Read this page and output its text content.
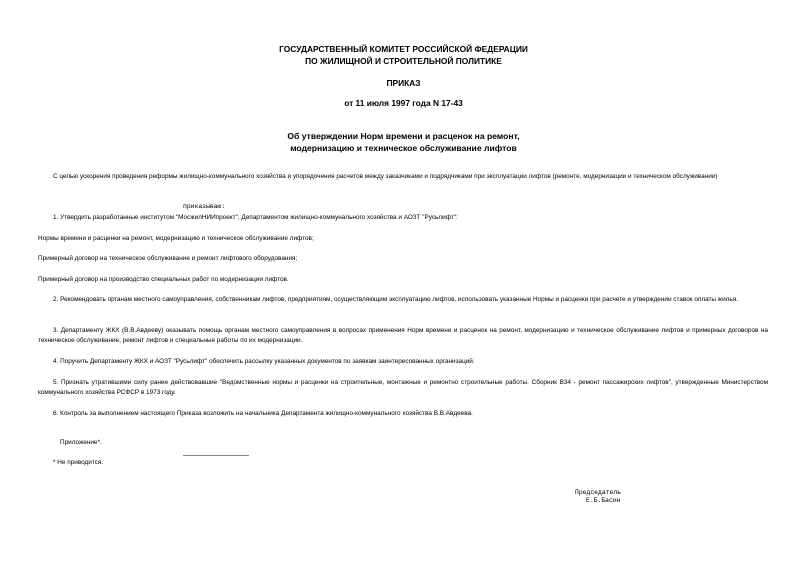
ГОСУДАРСТВЕННЫЙ КОМИТЕТ РОССИЙСКОЙ ФЕДЕРАЦИИ
ПО ЖИЛИЩНОЙ И СТРОИТЕЛЬНОЙ ПОЛИТИКЕ
ПРИКАЗ
от 11 июля 1997 года N 17-43
Об утверждении Норм времени и расценок на ремонт,
модернизацию и техническое обслуживание лифтов
С целью ускорения проведения реформы жилищно-коммунального хозяйства и упорядочения расчетов между заказчиками и подрядчиками при эксплуатации лифтов (ремонте, модернизации и техническом обслуживании)
приказываю:
1. Утвердить разработанные институтом "МосжилНИИпроект", Департаментом жилищно-коммунального хозяйства и АОЗТ "Русьлифт":
Нормы времени и расценки на ремонт, модернизацию и техническое обслуживание лифтов;
Примерный договор на техническое обслуживание и ремонт лифтового оборудования;
Примерный договор на производство специальных работ по модернизации лифтов.
2. Рекомендовать органам местного самоуправления, собственникам лифтов, предприятиям, осуществляющим эксплуатацию лифтов, использовать указанные Нормы и расценки при расчете и утверждении ставок оплаты жилья.
3. Департаменту ЖКХ (В.В.Авдееву) оказывать помощь органам местного самоуправления в вопросах применения Норм времени и расценок на ремонт, модернизацию и техническое обслуживание лифтов и примерных договоров на техническое обслуживание, ремонт лифтов и специальные работы по их модернизации.
4. Поручить Департаменту ЖКХ и АОЗТ "Русьлифт" обеспечить рассылку указанных документов по заявкам заинтересованных организаций.
5. Признать утратившими силу ранее действовавшие "Ведомственные нормы и расценки на строительные, монтажные и ремонтно строительные работы. Сборник В34 - ремонт пассажирских лифтов", утвержденные Министерством коммунального хозяйства РСФСР в 1973 году.
6. Контроль за выполнением настоящего Приказа возложить на начальника Департамента жилищно-коммунального хозяйства В.В.Авдеева.
Приложение*.
* Не приводится.
Председатель
Е.Б.Басин
